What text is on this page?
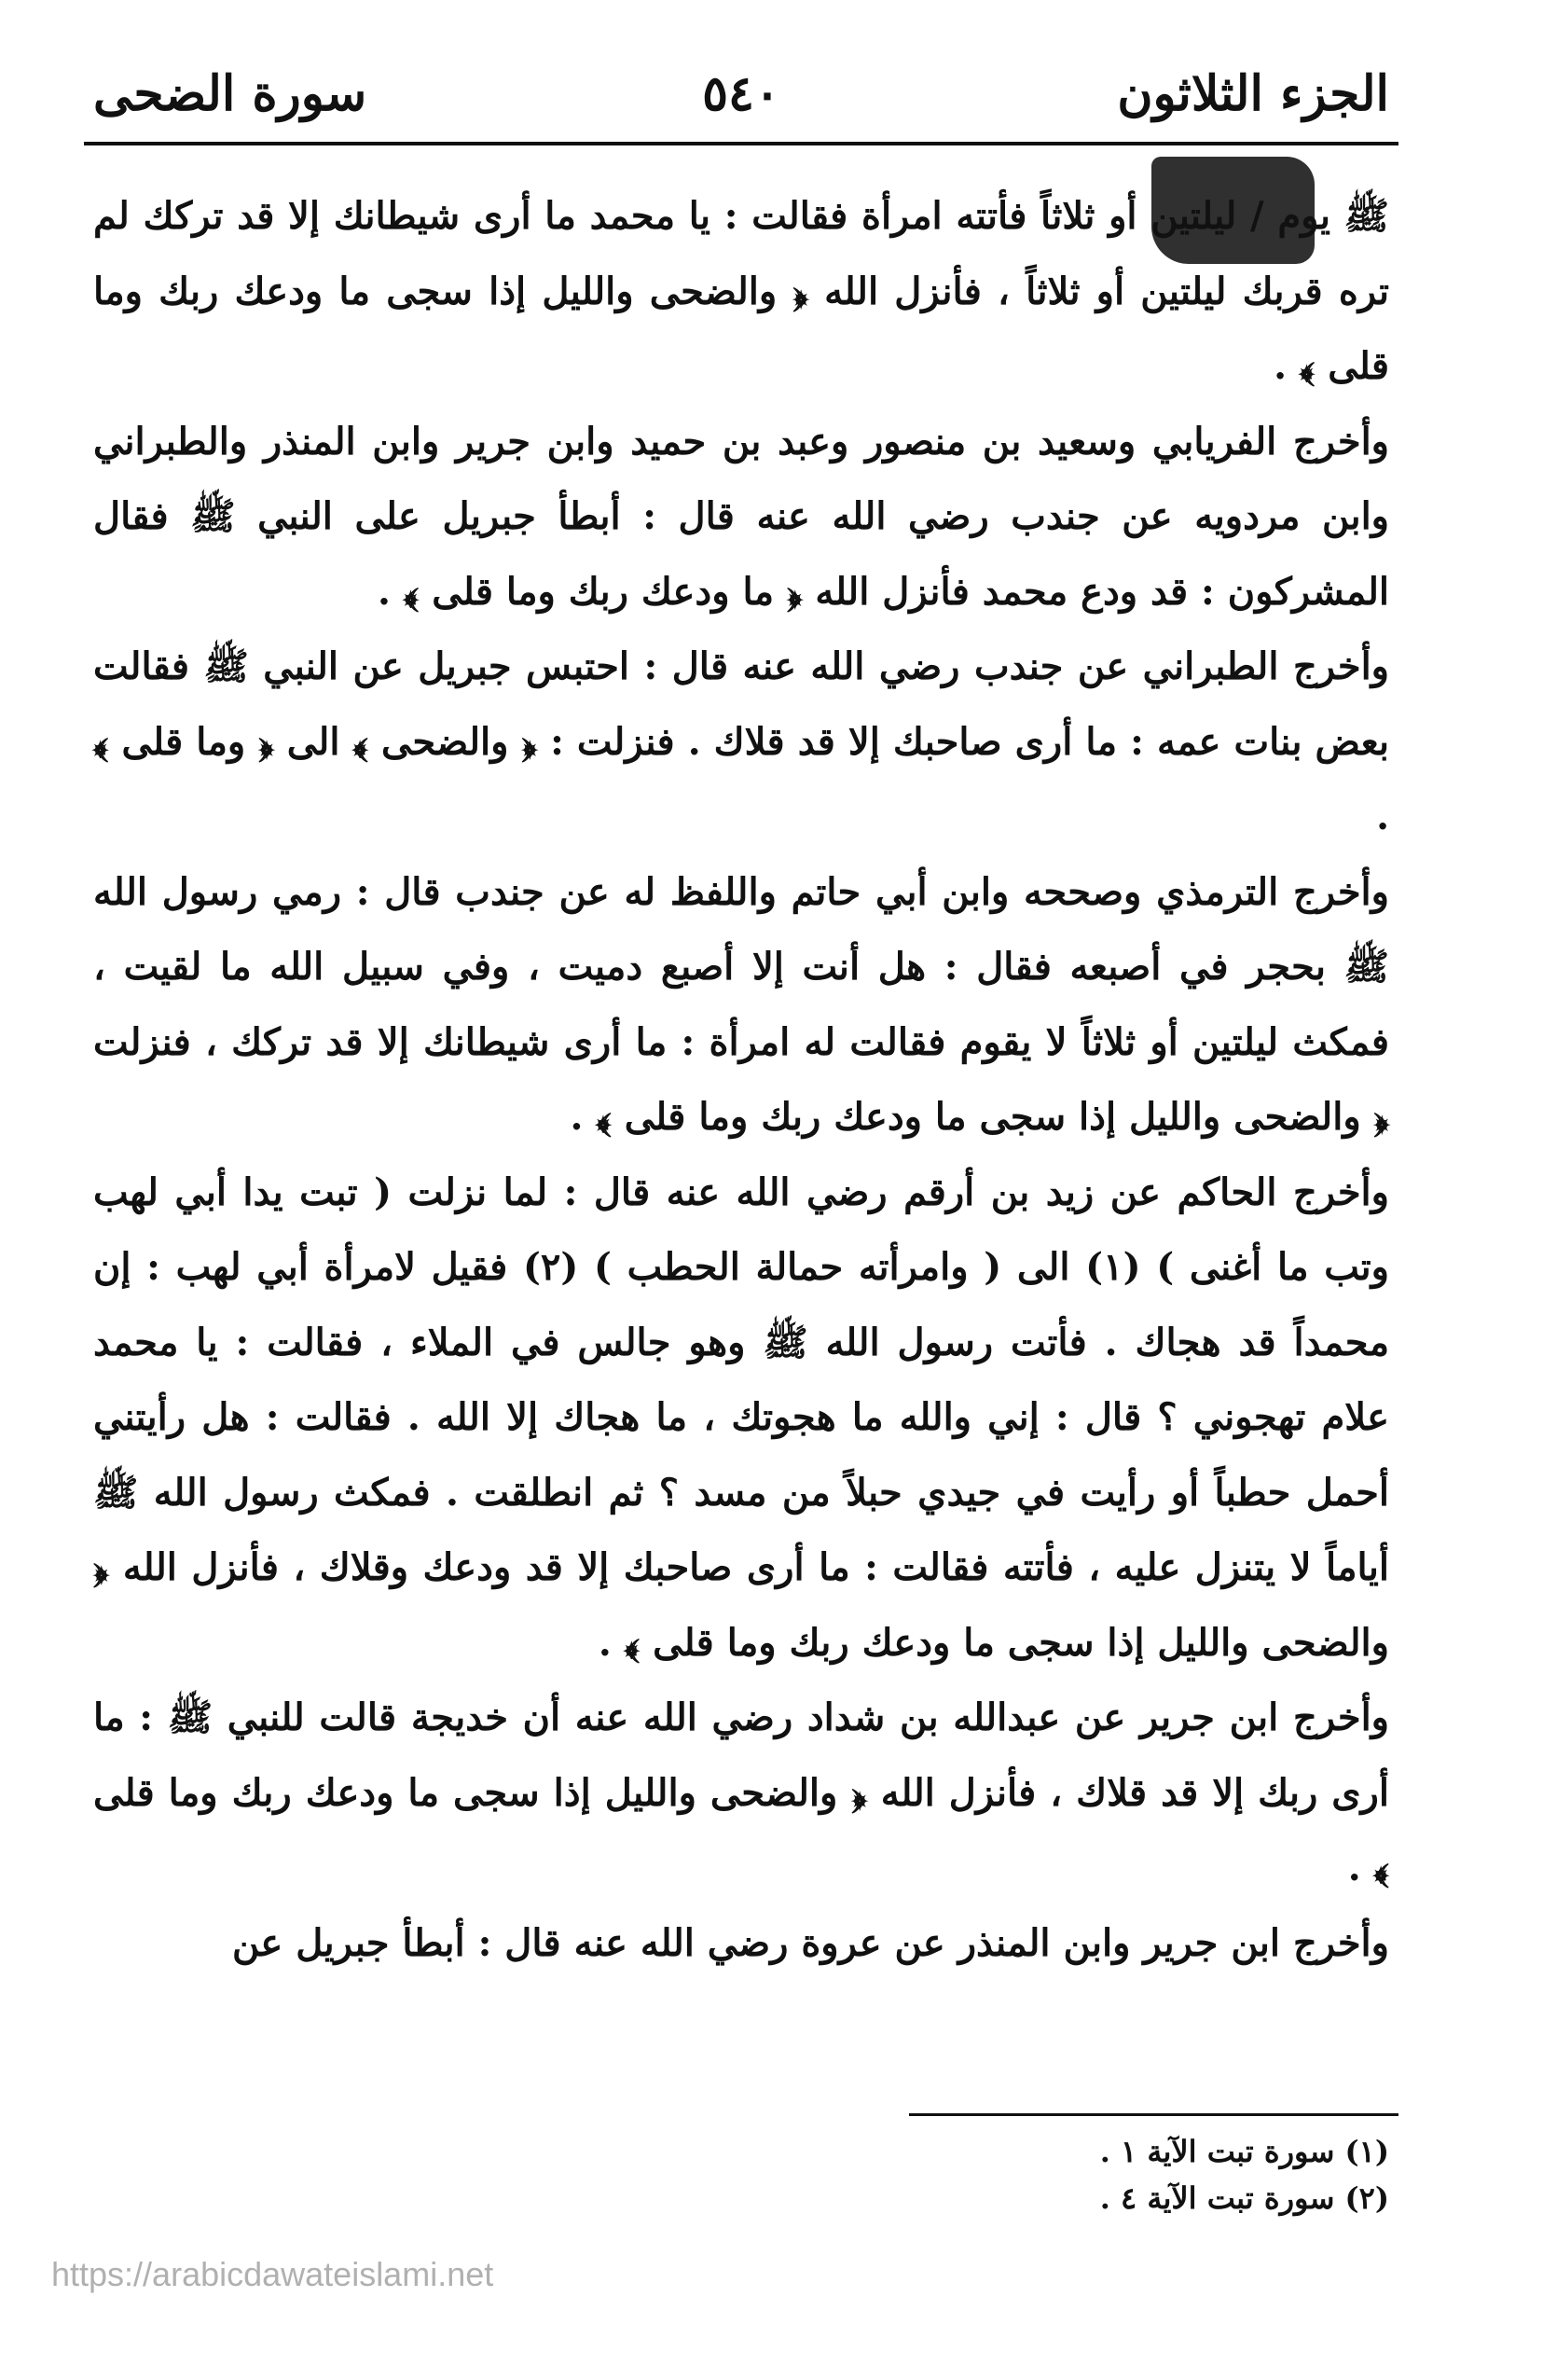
الجزء الثلاثون
٥٤٠
سورة الضحى

ﷺ يوم / ليلتين أو ثلاثاً فأتته امرأة فقالت : يا محمد ما أرى شيطانك إلا قد تركك لم تره قربك ليلتين أو ثلاثاً ، فأنزل الله ﴿ والضحى والليل إذا سجى ما ودعك ربك وما قلى ﴾ .

وأخرج الفريابي وسعيد بن منصور وعبد بن حميد وابن جرير وابن المنذر والطبراني وابن مردويه عن جندب رضي الله عنه قال : أبطأ جبريل على النبي ﷺ فقال المشركون : قد ودع محمد فأنزل الله ﴿ ما ودعك ربك وما قلى ﴾ .

وأخرج الطبراني عن جندب رضي الله عنه قال : احتبس جبريل عن النبي ﷺ فقالت بعض بنات عمه : ما أرى صاحبك إلا قد قلاك . فنزلت : ﴿ والضحى ﴾ الى ﴿ وما قلى ﴾ .

وأخرج الترمذي وصححه وابن أبي حاتم واللفظ له عن جندب قال : رمي رسول الله ﷺ بحجر في أصبعه فقال : هل أنت إلا أصبع دميت ، وفي سبيل الله ما لقيت ، فمكث ليلتين أو ثلاثاً لا يقوم فقالت له امرأة : ما أرى شيطانك إلا قد تركك ، فنزلت ﴿ والضحى والليل إذا سجى ما ودعك ربك وما قلى ﴾ .

وأخرج الحاكم عن زيد بن أرقم رضي الله عنه قال : لما نزلت ( تبت يدا أبي لهب وتب ما أغنى ) (١) الى ( وامرأته حمالة الحطب ) (٢) فقيل لامرأة أبي لهب : إن محمداً قد هجاك . فأتت رسول الله ﷺ وهو جالس في الملاء ، فقالت : يا محمد علام تهجوني ؟ قال : إني والله ما هجوتك ، ما هجاك إلا الله . فقالت : هل رأيتني أحمل حطباً أو رأيت في جيدي حبلاً من مسد ؟ ثم انطلقت . فمكث رسول الله ﷺ أياماً لا يتنزل عليه ، فأتته فقالت : ما أرى صاحبك إلا قد ودعك وقلاك ، فأنزل الله ﴿ والضحى والليل إذا سجى ما ودعك ربك وما قلى ﴾ .

وأخرج ابن جرير عن عبدالله بن شداد رضي الله عنه أن خديجة قالت للنبي ﷺ : ما أرى ربك إلا قد قلاك ، فأنزل الله ﴿ والضحى والليل إذا سجى ما ودعك ربك وما قلى ﴾ .

وأخرج ابن جرير وابن المنذر عن عروة رضي الله عنه قال : أبطأ جبريل عن

(١) سورة تبت الآية ١ .
(٢) سورة تبت الآية ٤ .
https://arabicdawateislami.net
